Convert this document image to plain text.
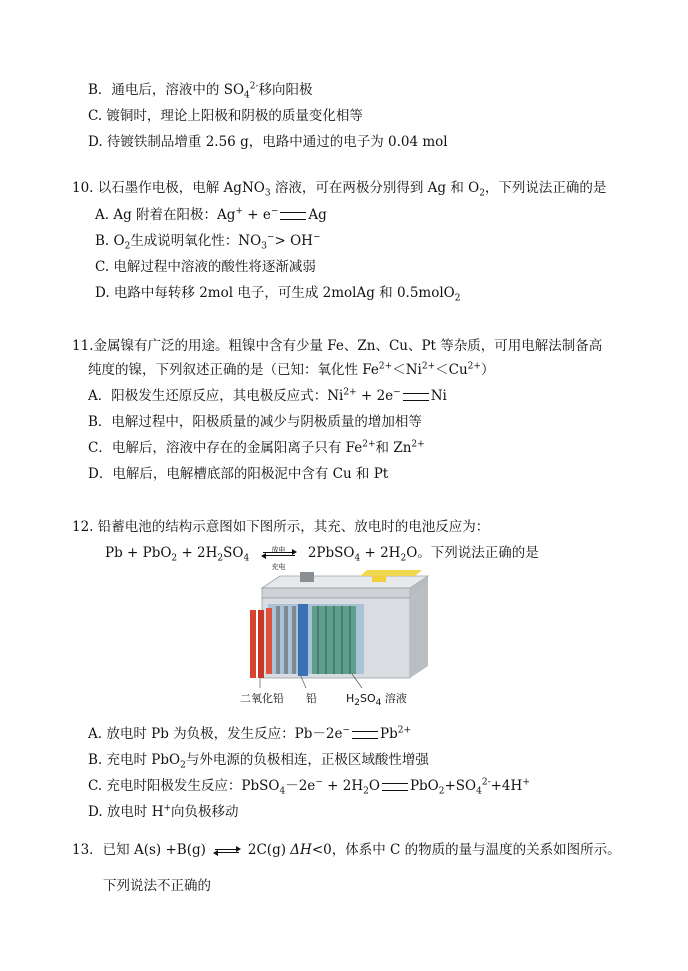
B．通电后，溶液中的 $SO_4^{2-}$移向阳极
C. 镀铜时，理论上阳极和阴极的质量变化相等
D. 待镀铁制品增重 2.56 g，电路中通过的电子为 0.04 mol
10. 以石墨作电极，电解 AgNO$_3$ 溶液，可在两极分别得到 Ag 和 $O_2$，下列说法正确的是
A. Ag 附着在阳极：Ag+ + e− Ag
B. $O_2$生成说明氧化性：$NO_3^-> OH^-$
C. 电解过程中溶液的酸性将逐渐减弱
D. 电路中每转移 2mol 电子，可生成 2molAg 和 0.5molO$_2$
11.金属镍有广泛的用途。粗镍中含有少量 Fe、Zn、Cu、Pt 等杂质，可用电解法制备高
纯度的镍，下列叙述正确的是（已知：氧化性 $Fe^{2+}<Ni^{2+}<Cu^{2+}$）
A．阳极发生还原反应，其电极反应式：$Ni^{2+} + 2e^-$ Ni
B．电解过程中，阳极质量的减少与阴极质量的增加相等
C．电解后，溶液中存在的金属阳离子只有 $Fe^{2+}$和 $Zn^{2+}$
D．电解后，电解槽底部的阳极泥中含有 Cu 和 Pt
12. 铅蓄电池的结构示意图如下图所示，其充、放电时的电池反应为：
$Pb + PbO_2 + 2H_2SO_4$
放电
充电
2PbSO$_4$ + $2H_2O$。下列说法正确的是
二氧化铅 铅	$H_2SO_4$ 溶液
A. 放电时 Pb 为负极，发生反应：Pb－2e− $Pb^{2+}$
B. 充电时 PbO$_2$与外电源的负极相连，正极区域酸性增强
C. 充电时阳极发生反应：PbSO$_4$－2e− + $2H_2O$ $PbO_2+SO_4^{2-}+4H^+$
D. 放电时 H+向负极移动
13．已知 A(s) +B(g) ⇌ 2C(g) ΔH<0，体系中 C 的物质的量与温度的关系如图所示。
下列说法不正确的
